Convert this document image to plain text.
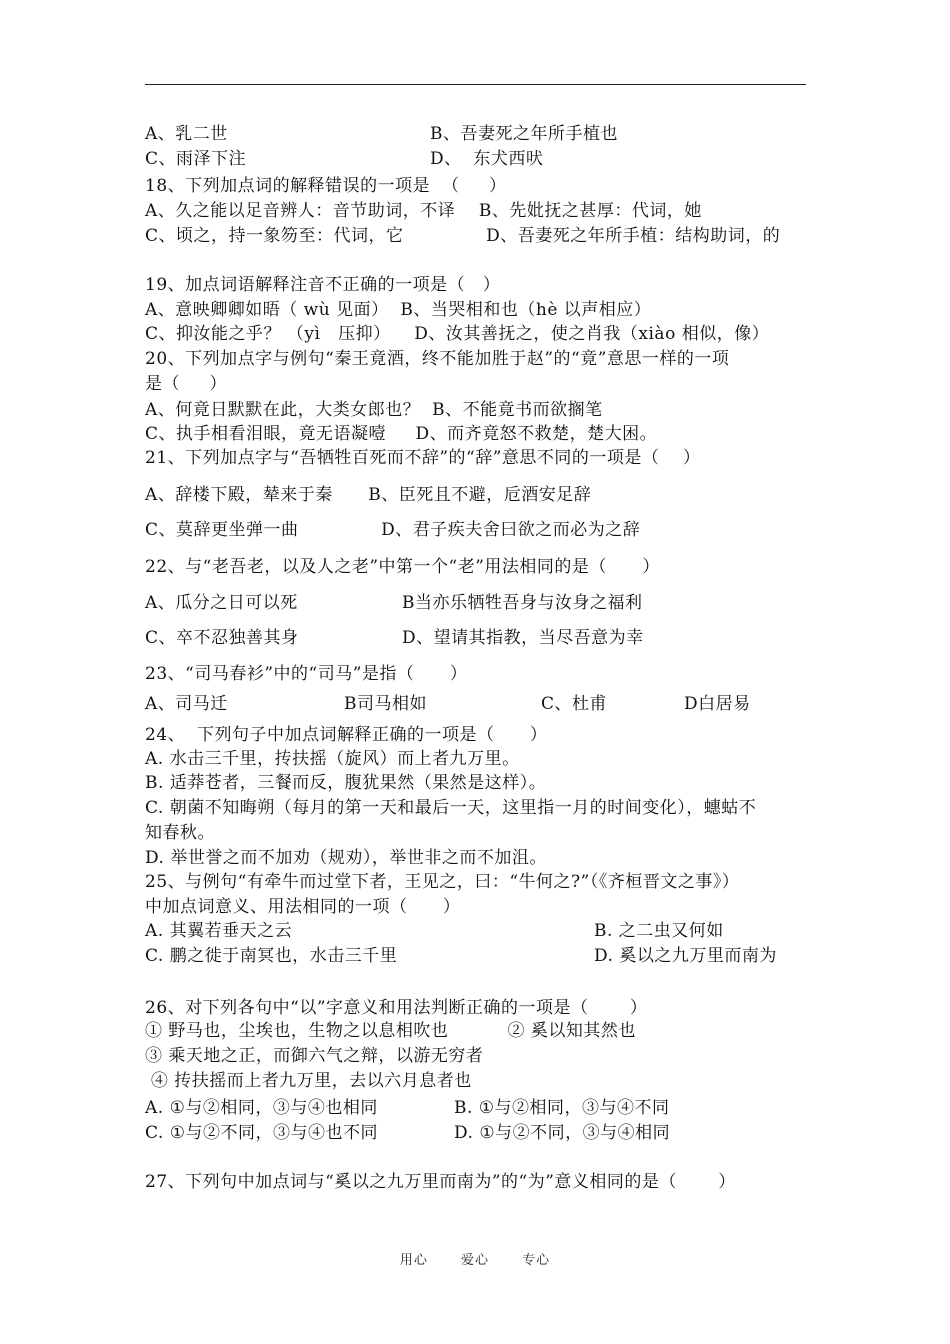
A、乳二世	B、吾妻死之年所手植也
C、雨泽下注	D、  东犬西吠
18、下列加点词的解释错误的一项是  （     ）
A、久之能以足音辨人：音节助词，不译    B、先妣抚之甚厚：代词，她
C、顷之，持一象笏至：代词，它              D、吾妻死之年所手植：结构助词，的
19、加点词语解释注音不正确的一项是（   ）
A、意映卿卿如晤（ wù 见面）  B、当哭相和也（hè 以声相应）
C、抑汝能之乎？ （yì   压抑）    D、汝其善抚之，使之肖我（xiào 相似，像）
20、下列加点字与例句“秦王竟酒，终不能加胜于赵”的“竟”意思一样的一项
是（     ）
A、何竟日默默在此，大类女郎也？  B、不能竟书而欲搁笔
C、执手相看泪眼，竟无语凝噎     D、而齐竟怒不救楚，楚大困。
21、下列加点字与“吾牺牲百死而不辞”的“辞”意思不同的一项是（    ）
A、辞楼下殿，辇来于秦      B、臣死且不避，卮酒安足辞
C、莫辞更坐弹一曲              D、君子疾夫舍曰欲之而必为之辞
22、与“老吾老，以及人之老”中第一个“老”用法相同的是（      ）
A、瓜分之日可以死	B当亦乐牺牲吾身与汝身之福利
C、卒不忍独善其身	D、望请其指教，当尽吾意为幸
23、“司马春衫”中的“司马”是指（      ）
A、司马迁	B司马相如	C、杜甫	D白居易
24、  下列句子中加点词解释正确的一项是（      ）
A. 水击三千里，抟扶摇（旋风）而上者九万里。
B. 适莽苍者，三餐而反，腹犹果然（果然是这样）。
C. 朝菌不知晦朔（每月的第一天和最后一天，这里指一月的时间变化），蟪蛄不
知春秋。
D. 举世誉之而不加劝（规劝），举世非之而不加沮。
25、与例句“有牵牛而过堂下者，王见之，曰：“牛何之?”（《齐桓晋文之事》）
中加点词意义、用法相同的一项（      ）
A. 其翼若垂天之云	B. 之二虫又何如
C. 鹏之徙于南冥也，水击三千里	D. 奚以之九万里而南为
26、对下列各句中“以”字意义和用法判断正确的一项是（       ）
① 野马也，尘埃也，生物之以息相吹也          ② 奚以知其然也
③ 乘天地之正，而御六气之辩，以游无穷者
④ 抟扶摇而上者九万里，去以六月息者也
A. ①与②相同，③与④也相同	B. ①与②相同，③与④不同
C. ①与②不同，③与④也不同	D. ①与②不同，③与④相同
27、下列句中加点词与“奚以之九万里而南为”的“为”意义相同的是（       ）
用心	爱心	专心
